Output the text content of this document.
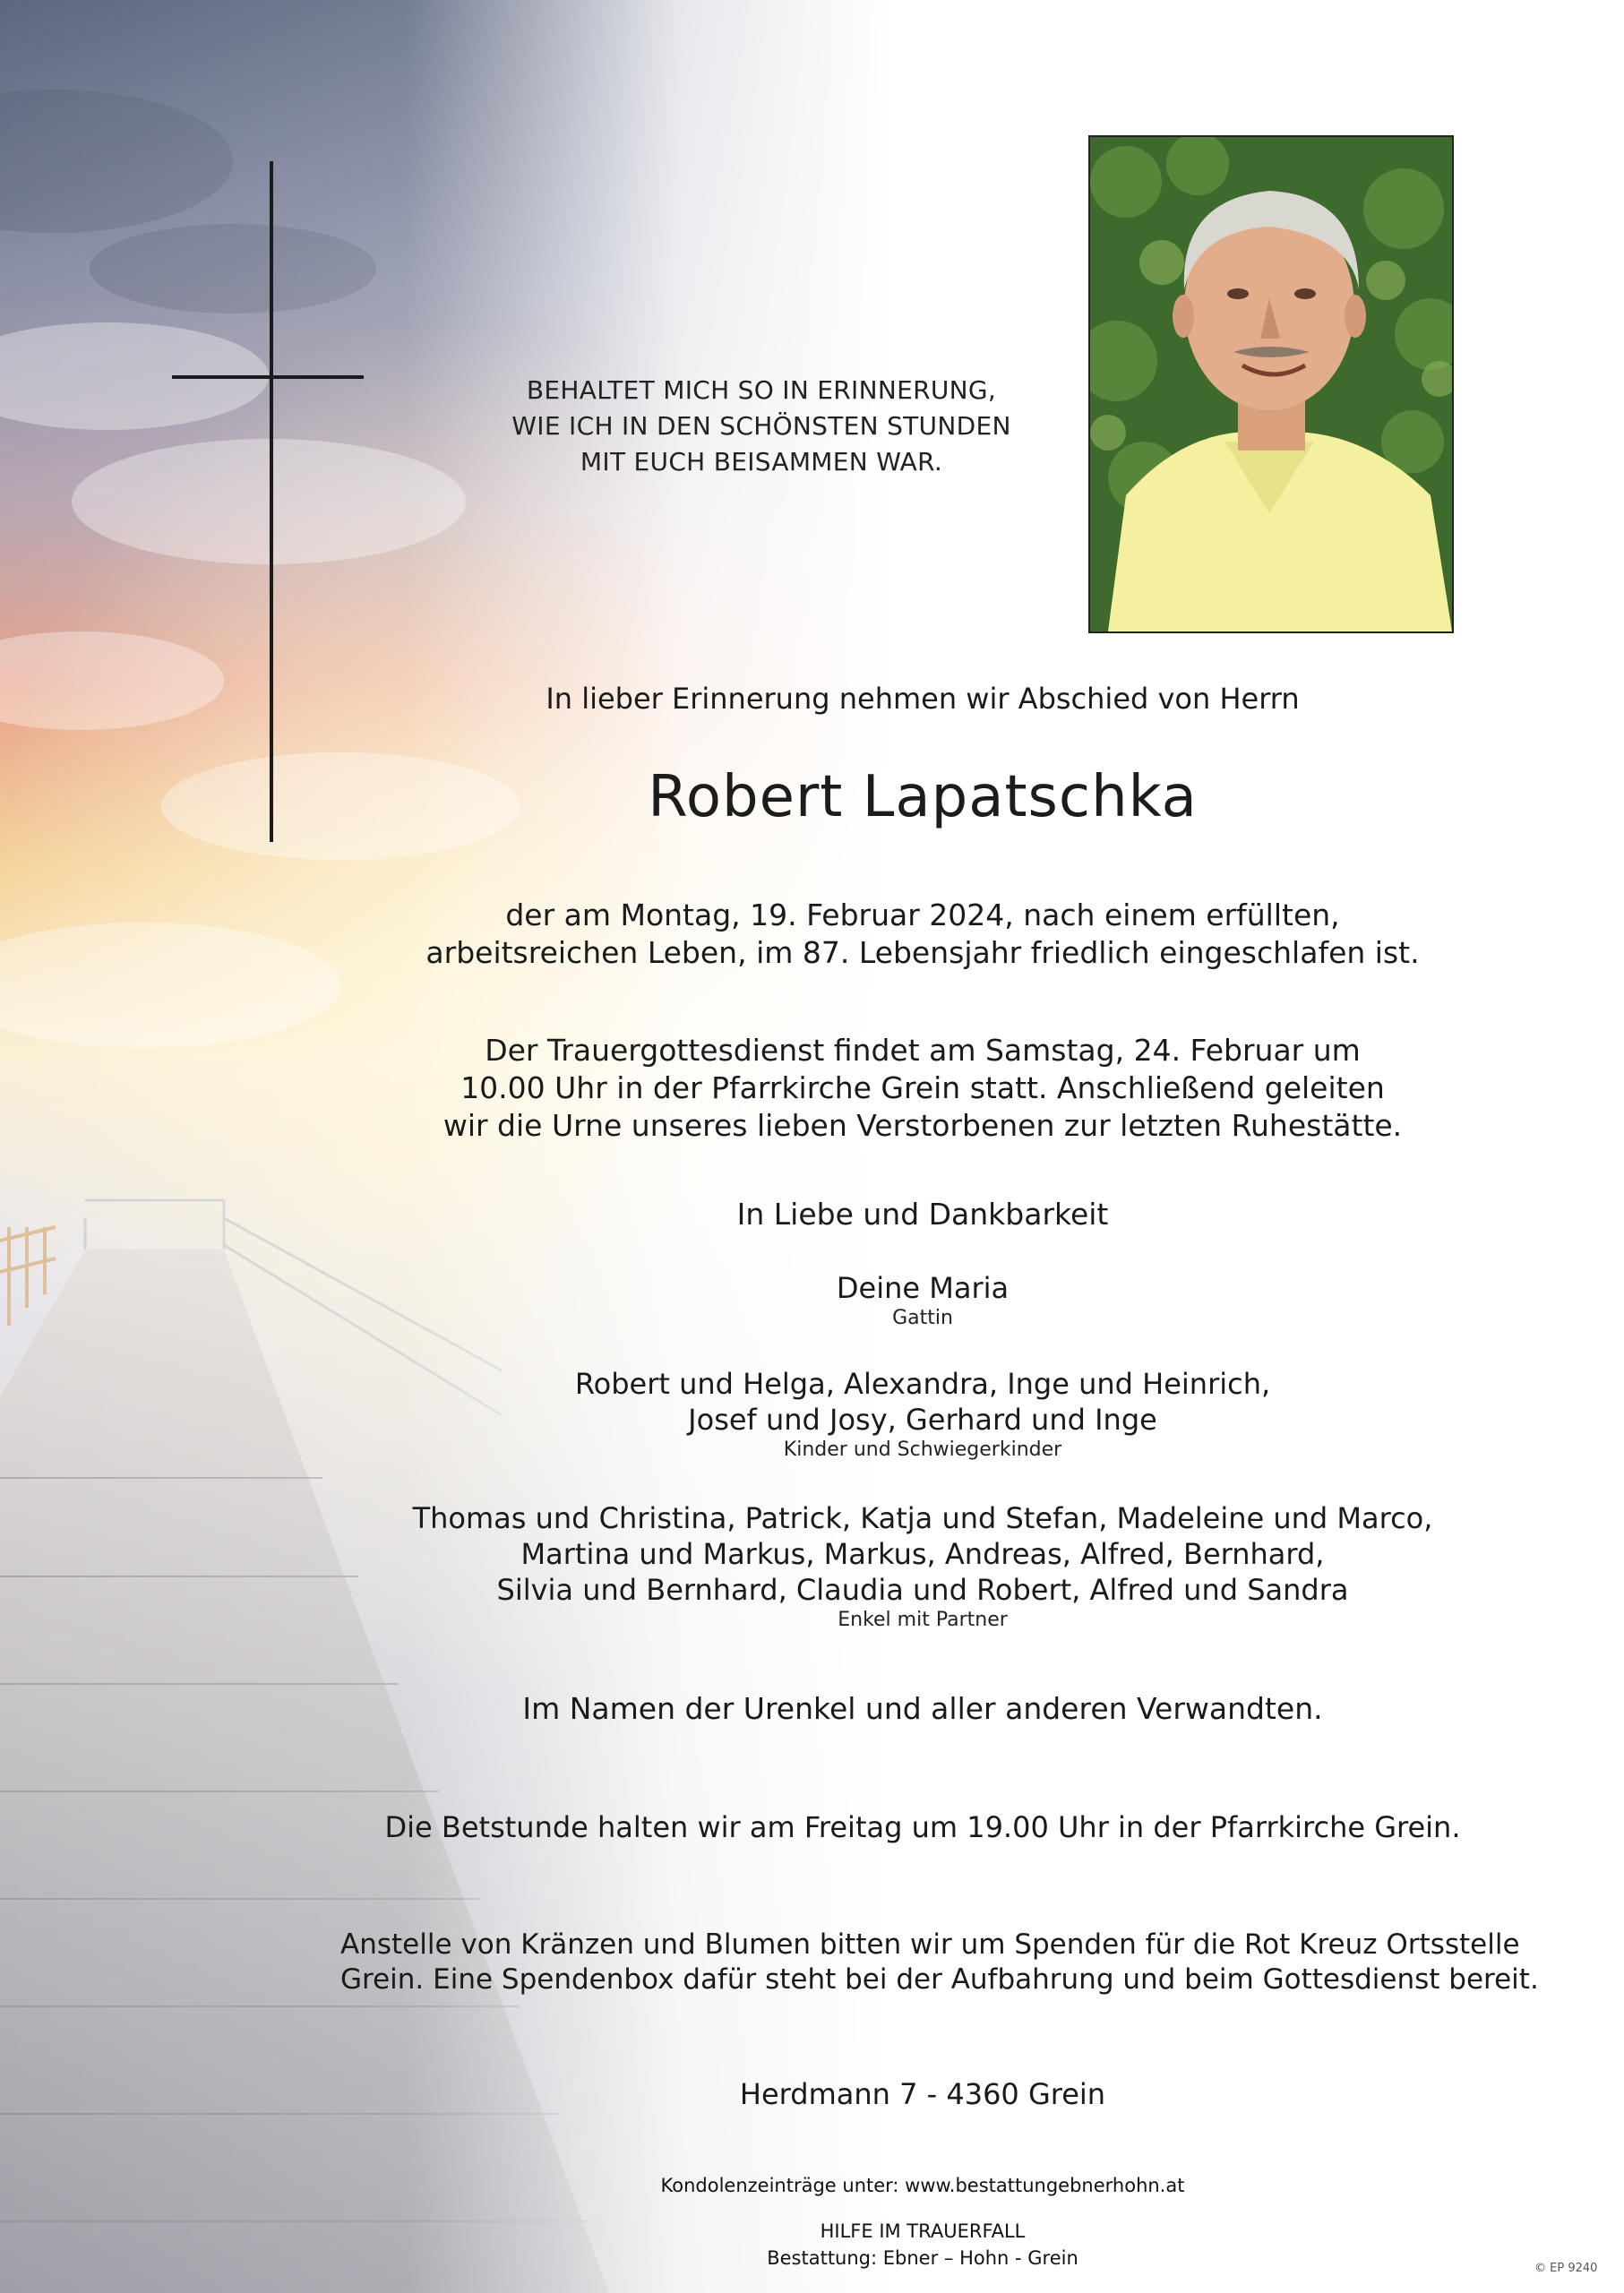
BEHALTET MICH SO IN ERINNERUNG,
WIE ICH IN DEN SCHÖNSTEN STUNDEN
MIT EUCH BEISAMMEN WAR.
In lieber Erinnerung nehmen wir Abschied von Herrn
Robert Lapatschka
der am Montag, 19. Februar 2024, nach einem erfüllten,
arbeitsreichen Leben, im 87. Lebensjahr friedlich eingeschlafen ist.
Der Trauergottesdienst findet am Samstag, 24. Februar um
10.00 Uhr in der Pfarrkirche Grein statt. Anschließend geleiten
wir die Urne unseres lieben Verstorbenen zur letzten Ruhestätte.
In Liebe und Dankbarkeit
Deine Maria
Gattin
Robert und Helga, Alexandra, Inge und Heinrich,
Josef und Josy, Gerhard und Inge
Kinder und Schwiegerkinder
Thomas und Christina, Patrick, Katja und Stefan, Madeleine und Marco,
Martina und Markus, Markus, Andreas, Alfred, Bernhard,
Silvia und Bernhard, Claudia und Robert, Alfred und Sandra
Enkel mit Partner
Im Namen der Urenkel und aller anderen Verwandten.
Die Betstunde halten wir am Freitag um 19.00 Uhr in der Pfarrkirche Grein.
Anstelle von Kränzen und Blumen bitten wir um Spenden für die Rot Kreuz Ortsstelle
Grein. Eine Spendenbox dafür steht bei der Aufbahrung und beim Gottesdienst bereit.
Herdmann 7 - 4360 Grein
Kondolenzeinträge unter: www.bestattungebnerhohn.at
HILFE IM TRAUERFALL
Bestattung: Ebner – Hohn - Grein	© EP 9240
